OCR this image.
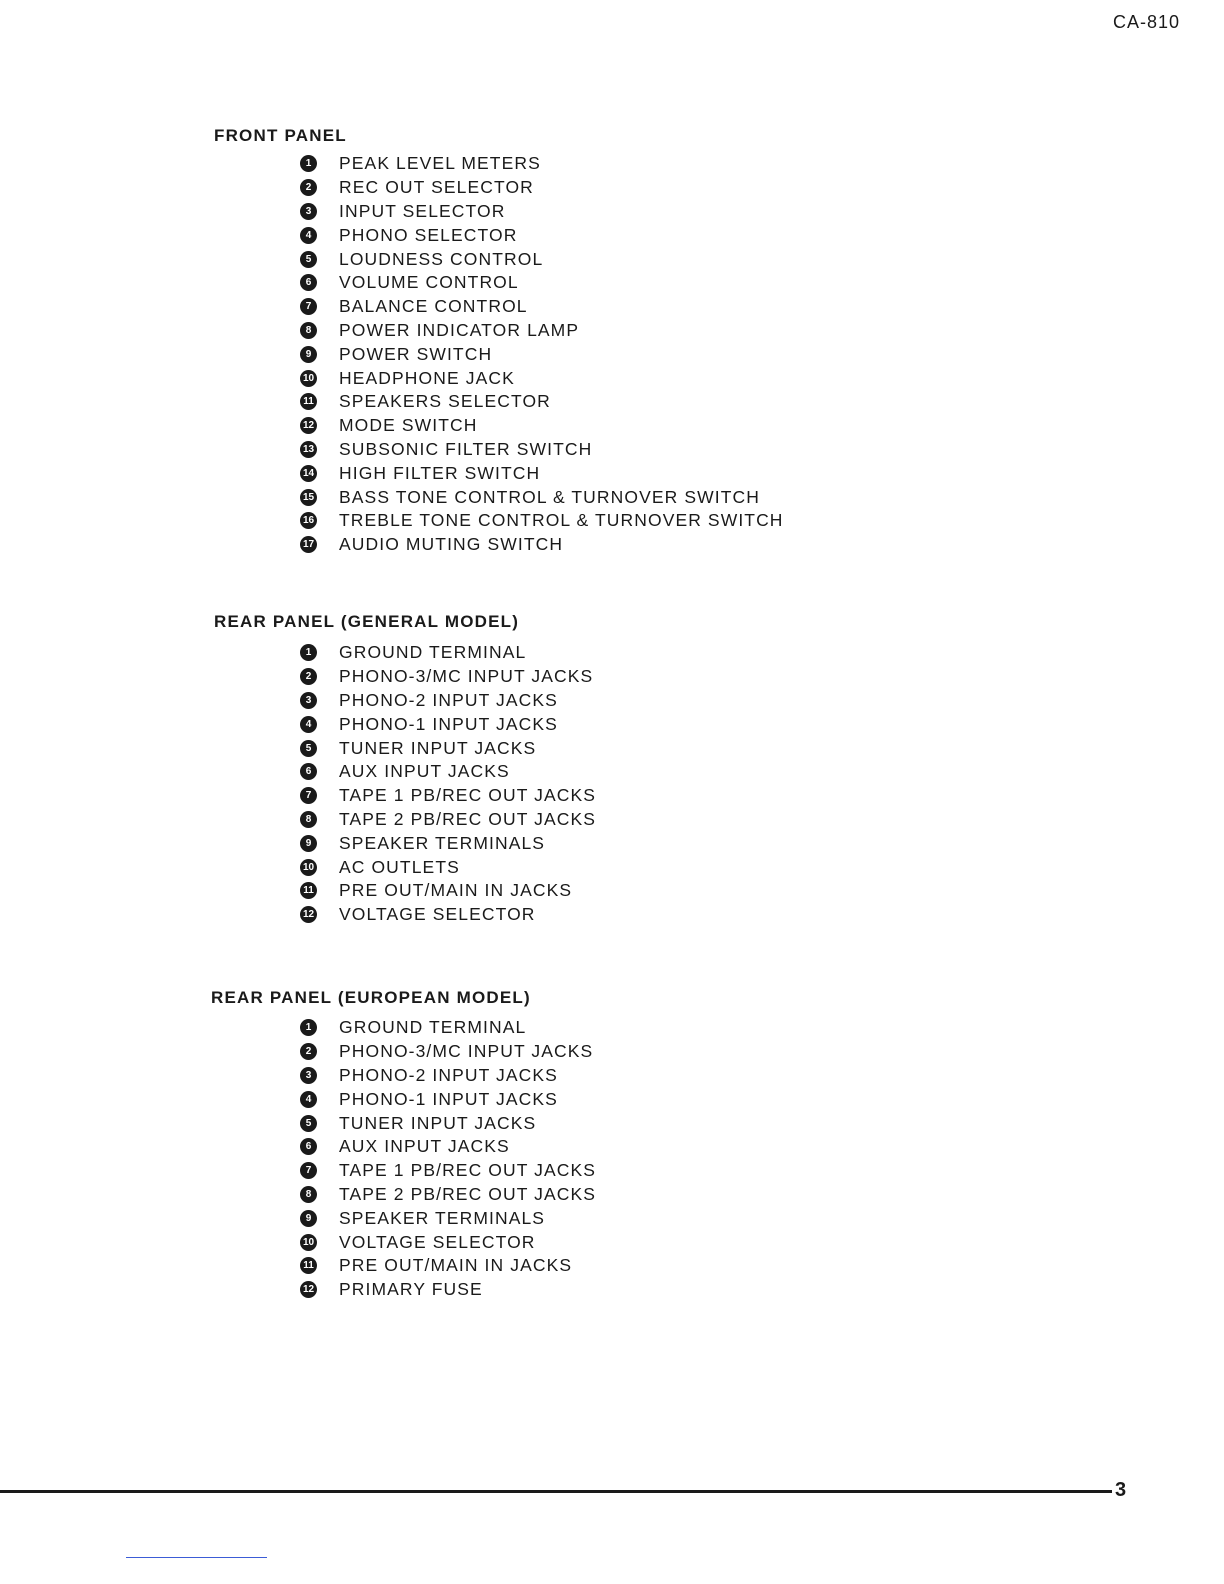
CA-810
FRONT PANEL
1	PEAK LEVEL METERS
2	REC OUT SELECTOR
3	INPUT SELECTOR
4	PHONO SELECTOR
5	LOUDNESS CONTROL
6	VOLUME CONTROL
7	BALANCE CONTROL
8	POWER INDICATOR LAMP
9	POWER SWITCH
10 HEADPHONE JACK
11 SPEAKERS SELECTOR
12 MODE SWITCH
13 SUBSONIC FILTER SWITCH
14 HIGH FILTER SWITCH
15 BASS TONE CONTROL & TURNOVER SWITCH
16 TREBLE TONE CONTROL & TURNOVER SWITCH
17 AUDIO MUTING SWITCH
REAR PANEL (GENERAL MODEL)
1	GROUND TERMINAL
2	PHONO-3/MC INPUT JACKS
3	PHONO-2 INPUT JACKS
4	PHONO-1 INPUT JACKS
5	TUNER INPUT JACKS
6	AUX INPUT JACKS
7	TAPE 1 PB/REC OUT JACKS
8	TAPE 2 PB/REC OUT JACKS
9	SPEAKER TERMINALS
10 AC OUTLETS
11 PRE OUT/MAIN IN JACKS
12 VOLTAGE SELECTOR
REAR PANEL (EUROPEAN MODEL)
1	GROUND TERMINAL
2	PHONO-3/MC INPUT JACKS
3	PHONO-2 INPUT JACKS
4	PHONO-1 INPUT JACKS
5	TUNER INPUT JACKS
6	AUX INPUT JACKS
7	TAPE 1 PB/REC OUT JACKS
8	TAPE 2 PB/REC OUT JACKS
9	SPEAKER TERMINALS
10 VOLTAGE SELECTOR
11 PRE OUT/MAIN IN JACKS
12 PRIMARY FUSE
3
